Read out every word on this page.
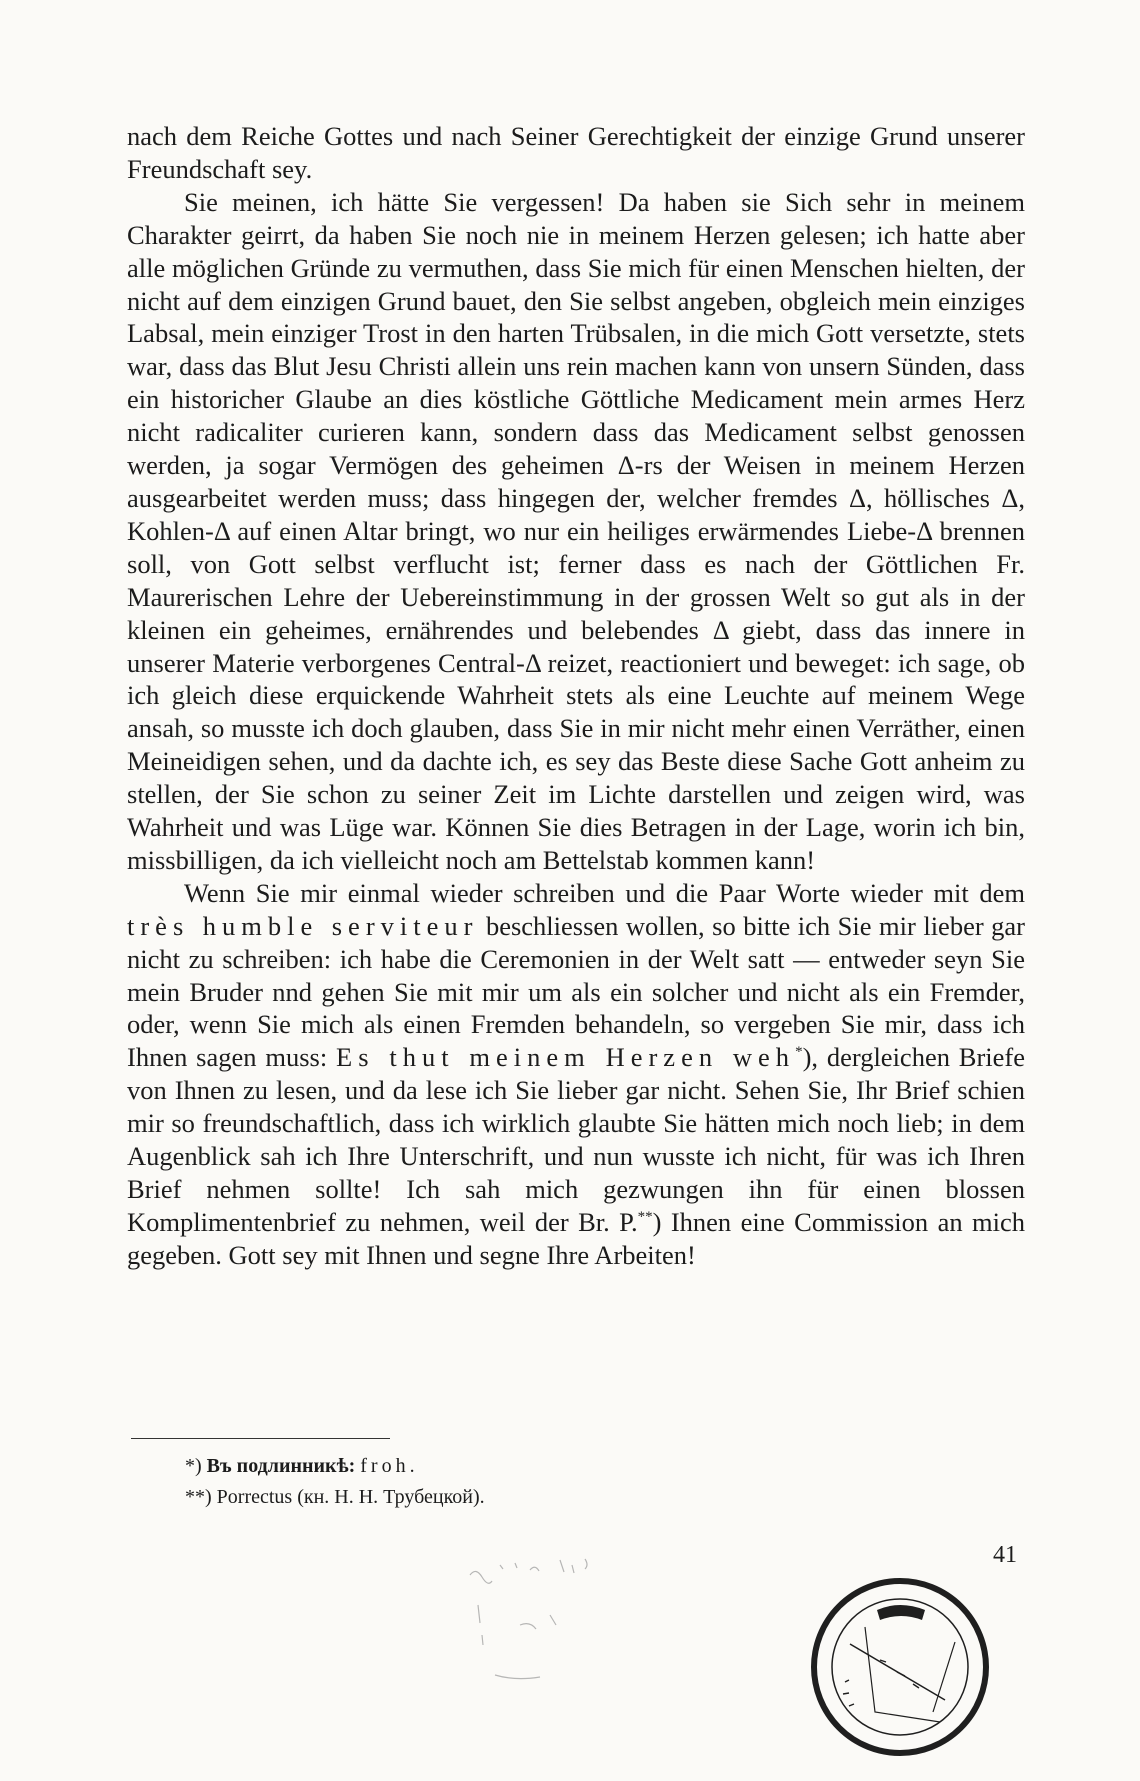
nach dem Reiche Gottes und nach Seiner Gerechtigkeit der einzige Grund unserer Freundschaft sey.

Sie meinen, ich hätte Sie vergessen! Da haben sie Sich sehr in meinem Charakter geirrt, da haben Sie noch nie in meinem Herzen gelesen; ich hatte aber alle möglichen Gründe zu vermuthen, dass Sie mich für einen Menschen hielten, der nicht auf dem einzigen Grund bauet, den Sie selbst angeben, obgleich mein einziges Labsal, mein einziger Trost in den harten Trübsalen, in die mich Gott versetzte, stets war, dass das Blut Jesu Christi allein uns rein machen kann von unsern Sünden, dass ein historicher Glaube an dies köstliche Göttliche Medicament mein armes Herz nicht radicaliter curieren kann, sondern dass das Medicament selbst genossen werden, ja sogar Vermögen des geheimen Δ-rs der Weisen in meinem Herzen ausgearbeitet werden muss; dass hingegen der, welcher fremdes Δ, höllisches Δ, Kohlen-Δ auf einen Altar bringt, wo nur ein heiliges erwärmendes Liebe-Δ brennen soll, von Gott selbst verflucht ist; ferner dass es nach der Göttlichen Fr. Maurerischen Lehre der Uebereinstimmung in der grossen Welt so gut als in der kleinen ein geheimes, ernährendes und belebendes Δ giebt, dass das innere in unserer Materie verborgenes Central-Δ reizet, reactioniert und beweget: ich sage, ob ich gleich diese erquickende Wahrheit stets als eine Leuchte auf meinem Wege ansah, so musste ich doch glauben, dass Sie in mir nicht mehr einen Verräther, einen Meineidigen sehen, und da dachte ich, es sey das Beste diese Sache Gott anheim zu stellen, der Sie schon zu seiner Zeit im Lichte darstellen und zeigen wird, was Wahrheit und was Lüge war. Können Sie dies Betragen in der Lage, worin ich bin, missbilligen, da ich vielleicht noch am Bettelstab kommen kann!

Wenn Sie mir einmal wieder schreiben und die Paar Worte wieder mit dem très humble serviteur beschliessen wollen, so bitte ich Sie mir lieber gar nicht zu schreiben: ich habe die Ceremonien in der Welt satt — entweder seyn Sie mein Bruder nnd gehen Sie mit mir um als ein solcher und nicht als ein Fremder, oder, wenn Sie mich als einen Fremden behandeln, so vergeben Sie mir, dass ich Ihnen sagen muss: Es thut meinem Herzen weh*), dergleichen Briefe von Ihnen zu lesen, und da lese ich Sie lieber gar nicht. Sehen Sie, Ihr Brief schien mir so freundschaftlich, dass ich wirklich glaubte Sie hätten mich noch lieb; in dem Augenblick sah ich Ihre Unterschrift, und nun wusste ich nicht, für was ich Ihren Brief nehmen sollte! Ich sah mich gezwungen ihn für einen blossen Komplimentenbrief zu nehmen, weil der Br. P.**) Ihnen eine Commission an mich gegeben. Gott sey mit Ihnen und segne Ihre Arbeiten!

*) Въ подлинникѣ: froh.

**) Porrectus (кн. Н. Н. Трубецкой).

41
